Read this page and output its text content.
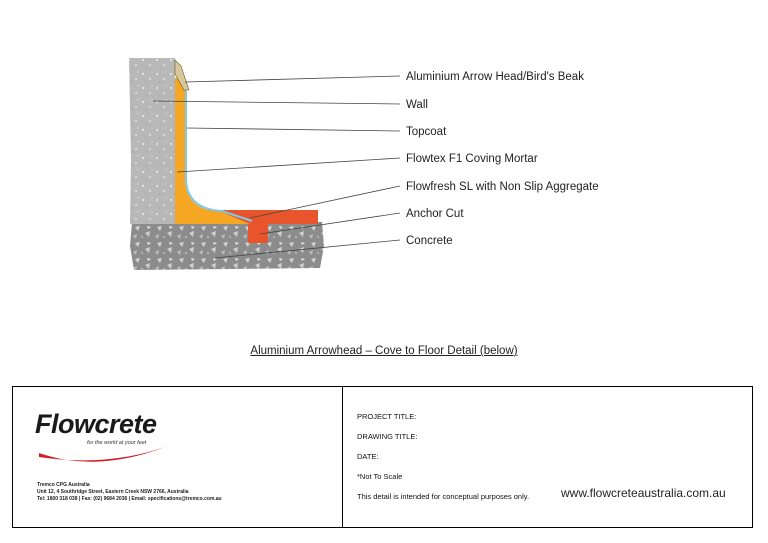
Aluminium Arrow Head/Bird's Beak
Wall
Topcoat
Flowtex F1 Coving Mortar
Flowfresh SL with Non Slip Aggregate
Anchor Cut
Concrete
Aluminium Arrowhead – Cove to Floor Detail (below)
Flowcrete
for the world at your feet
Tremco CPG Australia
Unit 12, 4 Southridge Street, Eastern Creek NSW 2766, Australia
Tel: 1800 318 038 | Fax: (02) 9684 2036 | Email: specifications@tremco.com.au
PROJECT TITLE:
DRAWING TITLE:
DATE:
*Not To Scale
This detail is intended for conceptual purposes only.	www.flowcreteaustralia.com.au
